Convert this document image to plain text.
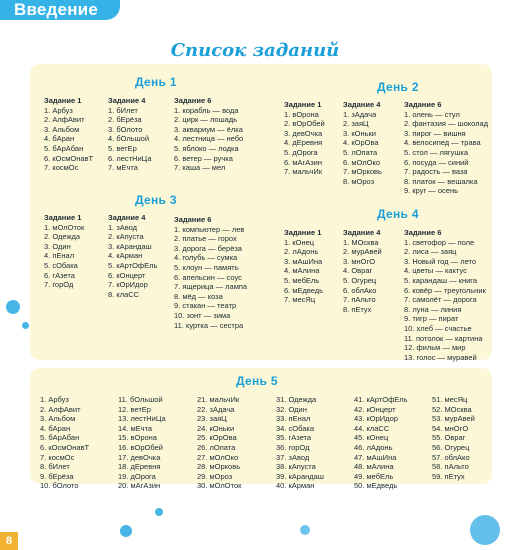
Введение
Список заданий
День 1
Задание 1
1. Арбуз
2. АлфАвит
3. Альбом
4. бАран
5. бАрАбан
6. кОсмОнавТ
7. космОс
Задание 4
1. бИлет
2. бЕрёза
3. бОлото
4. бОльшой
5. ветЕр
6. лестНиЦа
7. мЕчта
Задание 6
1. корабль — вода
2. цирк — лошадь
3. аквариум — ёлка
4. лестница — небо
5. яблоко — лодка
6. ветер — ручка
7. каша — мел
День 2
Задание 1
1. вОрона
2. вОрОбей
3. девОчка
4. дЕревня
5. дОрога
6. мАгАзин
7. мальчИк
Задание 4
1. зАдача
2. заяЦ
3. кОньки
4. кОрОва
5. лОпата
6. мОлОко
7. мОрковь
8. мОроз
Задание 6
1. олень — стул
2. фантазия — шоколад
3. пирог — вишня
4. велосипед — трава
5. стол — лягушка
6. посуда — синий
7. радость — ваза
8. платок — вешалка
9. круг — осень
День 3
Задание 1
1. мОлОток
2. Одежда
3. Один
4. пЕнал
5. сОбака
6. гАзета
7. горОд
Задание 4
1. зАвод
2. кАпуста
3. кАрандаш
4. кАрман
5. кАртОфЕль
6. кОнцерт
7. кОрИдор
8. клаСС
Задание 6
1. компьютер — лев
2. платье — горох
3. дорога — берёза
4. голубь — сумка
5. клоун — память
6. апельсин — соус
7. ящерица — лампа
8. мёд — коза
9. стакан — театр
10. зонт — зима
11. куртка — сестра
День 4
Задание 1
1. кОнец
2. лАдонь
3. мАшИна
4. мАлина
5. мебЕль
6. мЕдведь
7. месЯц
Задание 4
1. МОсква
2. мурАвей
3. мнОгО
4. Овраг
5. Огурец
6. облАко
7. пАльто
8. пЕтух
Задание 6
1. светофор — поле
2. лиса — заяц
3. Новый год — лето
4. цветы — кактус
5. карандаш — книга
6. ковёр — треугольник
7. самолёт — дорога
8. луна — линия
9. тигр — пират
10. хлеб — счастье
11. потолок — картина
12. фильм — мир
13. голос — муравей
День 5
1. Арбуз
2. АлфАвит
3. Альбом
4. бАран
5. бАрАбан
6. кОсмОнавТ
7. космОс
8. бИлет
9. бЕрёза
10. бОлото
11. бОльшой
12. ветЕр
13. лестНиЦа
14. мЕчта
15. вОрона
16. вОрОбей
17. девОчка
18. дЕревня
19. дОрога
20. мАгАзин
21. мальчИк
22. зАдача
23. заяЦ
24. кОньки
25. кОрОва
26. лОпата
27. мОлОко
28. мОрковь
29. мОроз
30. мОлОток
31. Одежда
32. Один
33. пЕнал
34. сОбака
35. гАзета
36. горОд
37. зАвод
38. кАпуста
39. кАрандаш
40. кАрман
41. кАртОфЕль
42. кОнцерт
43. кОрИдор
44. клаСС
45. кОнец
46. лАдонь
47. мАшИна
48. мАлина
49. мебЕль
50. мЕдведь
51. месЯц
52. МОсква
53. мурАвей
54. мнОгО
55. Овраг
56. Огурец
57. облАко
58. пАльто
59. пЕтух
8
